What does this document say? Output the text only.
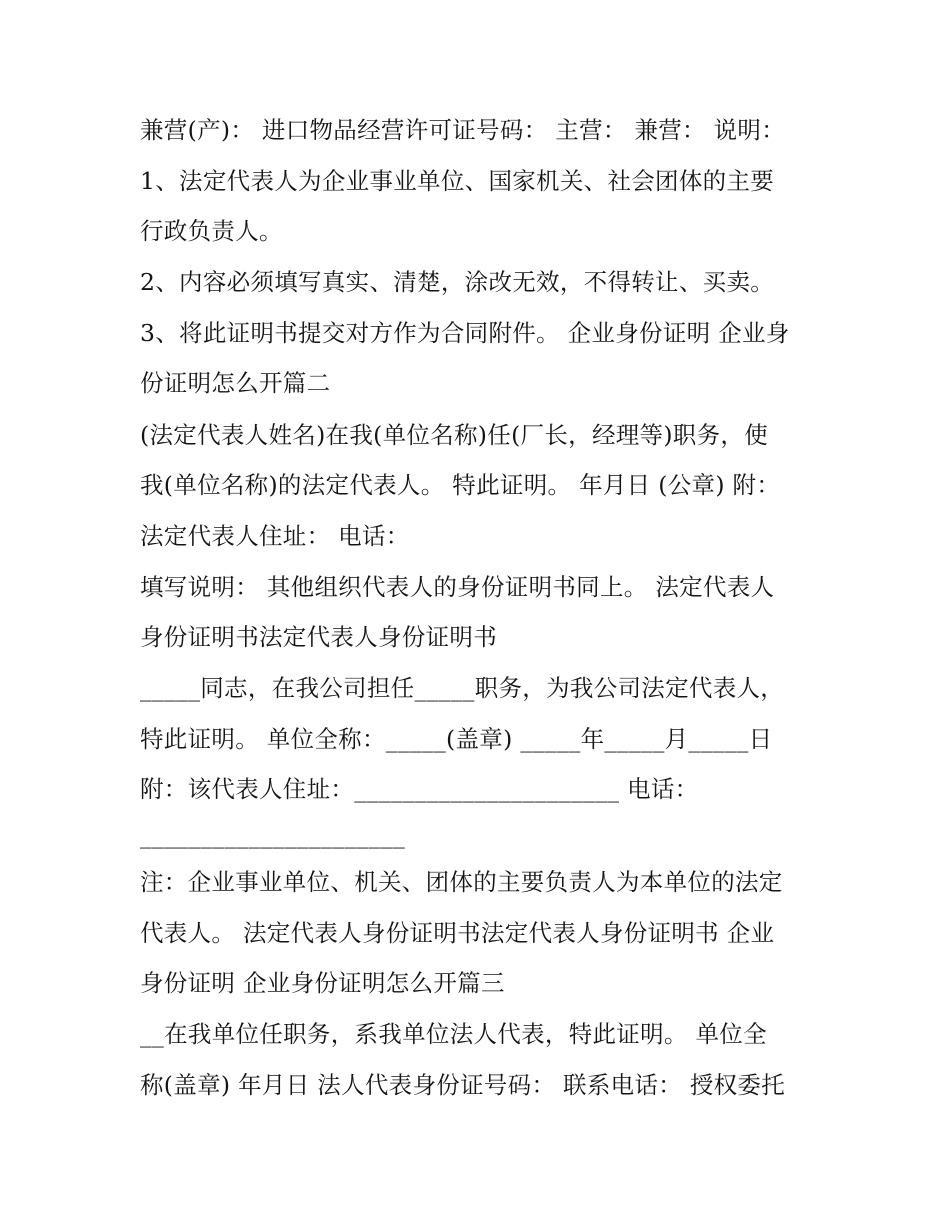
兼营(产)： 进口物品经营许可证号码： 主营： 兼营： 说明：
1、法定代表人为企业事业单位、国家机关、社会团体的主要
行政负责人。
2、内容必须填写真实、清楚，涂改无效，不得转让、买卖。
3、将此证明书提交对方作为合同附件。 企业身份证明 企业身
份证明怎么开篇二
(法定代表人姓名)在我(单位名称)任(厂长，经理等)职务，使
我(单位名称)的法定代表人。 特此证明。 年月日 (公章) 附：
法定代表人住址： 电话：
填写说明： 其他组织代表人的身份证明书同上。 法定代表人
身份证明书法定代表人身份证明书
_____同志，在我公司担任_____职务，为我公司法定代表人，
特此证明。 单位全称：_____(盖章) _____年_____月_____日
附：该代表人住址：______________________ 电话：
______________________
注：企业事业单位、机关、团体的主要负责人为本单位的法定
代表人。 法定代表人身份证明书法定代表人身份证明书 企业
身份证明 企业身份证明怎么开篇三
__在我单位任职务，系我单位法人代表，特此证明。 单位全
称(盖章) 年月日 法人代表身份证号码： 联系电话： 授权委托
